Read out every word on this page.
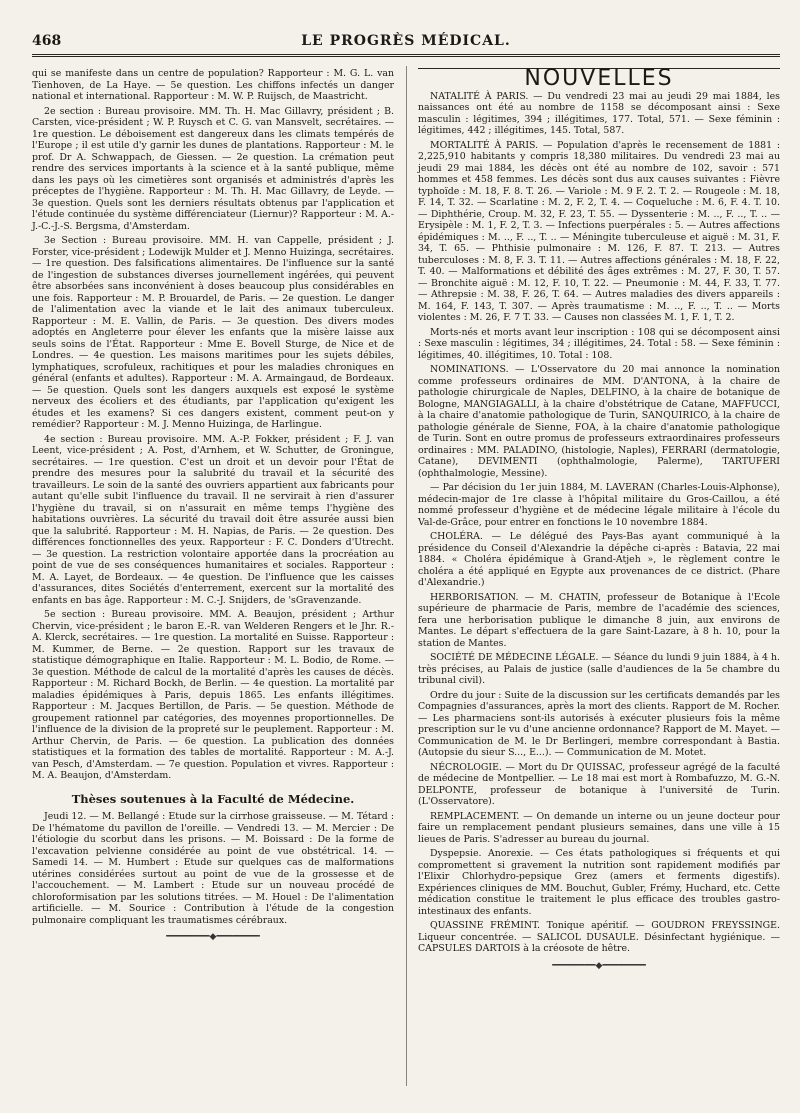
468	LE PROGRÈS MÉDICAL.

qui se manifeste dans un centre de population? Rapporteur : M. G. L. van Tienhoven, de La Haye. — 5e question. Les chiffons infectés un danger national et international. Rapporteur : M. W. P. Ruijsch, de Maastricht.

2e section : Bureau provisoire. MM. Th. H. Mac Gillavry, président ; B. Carsten, vice-président ; W. P. Ruysch et C. G. van Mansvelt, secrétaires. — 1re question. Le déboisement est dangereux dans les climats tempérés de l'Europe ; il est utile d'y garnir les dunes de plantations. Rapporteur : M. le prof. Dr A. Schwappach, de Giessen. — 2e question. La crémation peut rendre des services importants à la science et à la santé publique, même dans les pays où les cimetières sont organisés et administrés d'après les préceptes de l'hygiène. Rapporteur : M. Th. H. Mac Gillavry, de Leyde. — 3e question. Quels sont les derniers résultats obtenus par l'application et l'étude continuée du système différenciateur (Liernur)? Rapporteur : M. A.-J.-C.-J.-S. Bergsma, d'Amsterdam.

3e Section : Bureau provisoire. MM. H. van Cappelle, président ; J. Forster, vice-président ; Lodewijk Mulder et J. Menno Huizinga, secrétaires. — 1re question. Des falsifications alimentaires. De l'influence sur la santé de l'ingestion de substances diverses journellement ingérées, qui peuvent être absorbées sans inconvénient à doses beaucoup plus considérables en une fois. Rapporteur : M. P. Brouardel, de Paris. — 2e question. Le danger de l'alimentation avec la viande et le lait des animaux tuberculeux. Rapporteur : M. E. Vallin, de Paris. — 3e question. Des divers modes adoptés en Angleterre pour élever les enfants que la misère laisse aux seuls soins de l'État. Rapporteur : Mme E. Bovell Sturge, de Nice et de Londres. — 4e question. Les maisons maritimes pour les sujets débiles, lymphatiques, scrofuleux, rachitiques et pour les maladies chroniques en général (enfants et adultes). Rapporteur : M. A. Armaingaud, de Bordeaux. — 5e question. Quels sont les dangers auxquels est exposé le système nerveux des écoliers et des étudiants, par l'application qu'exigent les études et les examens? Si ces dangers existent, comment peut-on y remédier? Rapporteur : M. J. Menno Huizinga, de Harlingue.

4e section : Bureau provisoire. MM. A.-P. Fokker, président ; F. J. van Leent, vice-président ; A. Post, d'Arnhem, et W. Schutter, de Groningue, secrétaires. — 1re question. C'est un droit et un devoir pour l'État de prendre des mesures pour la salubrité du travail et la sécurité des travailleurs. Le soin de la santé des ouvriers appartient aux fabricants pour autant qu'elle subit l'influence du travail. Il ne servirait à rien d'assurer l'hygiène du travail, si on n'assurait en même temps l'hygiène des habitations ouvrières. La sécurité du travail doit être assurée aussi bien que la salubrité. Rapporteur : M. H. Napias, de Paris. — 2e question. Des différences fonctionnelles des yeux. Rapporteur : F. C. Donders d'Utrecht. — 3e question. La restriction volontaire apportée dans la procréation au point de vue de ses conséquences humanitaires et sociales. Rapporteur : M. A. Layet, de Bordeaux. — 4e question. De l'influence que les caisses d'assurances, dites Sociétés d'enterrement, exercent sur la mortalité des enfants en bas âge. Rapporteur : M. C.-J. Snijders, de 'sGravenzande.

5e section : Bureau provisoire. MM. A. Beaujon, président ; Arthur Chervin, vice-président ; le baron E.-R. van Welderen Rengers et le Jhr. R.-A. Klerck, secrétaires. — 1re question. La mortalité en Suisse. Rapporteur : M. Kummer, de Berne. — 2e question. Rapport sur les travaux de statistique démographique en Italie. Rapporteur : M. L. Bodio, de Rome. — 3e question. Méthode de calcul de la mortalité d'après les causes de décès. Rapporteur : M. Richard Bockh, de Berlin. — 4e question. La mortalité par maladies épidémiques à Paris, depuis 1865. Les enfants illégitimes. Rapporteur : M. Jacques Bertillon, de Paris. — 5e question. Méthode de groupement rationnel par catégories, des moyennes proportionnelles. De l'influence de la division de la propreté sur le peuplement. Rapporteur : M. Arthur Chervin, de Paris. — 6e question. La publication des données statistiques et la formation des tables de mortalité. Rapporteur : M. A.-J. van Pesch, d'Amsterdam. — 7e question. Population et vivres. Rapporteur : M. A. Beaujon, d'Amsterdam.

Thèses soutenues à la Faculté de Médecine.

Jeudi 12. — M. Bellangé : Etude sur la cirrhose graisseuse. — M. Tétard : De l'hématome du pavillon de l'oreille. — Vendredi 13. — M. Mercier : De l'étiologie du scorbut dans les prisons. — M. Boissard : De la forme de l'excavation pelvienne considérée au point de vue obstétrical. 14. — Samedi 14. — M. Humbert : Etude sur quelques cas de malformations utérines considérées surtout au point de vue de la grossesse et de l'accouchement. — M. Lambert : Etude sur un nouveau procédé de chloroformisation par les solutions titrées. — M. Houel : De l'alimentation artificielle. — M. Sourice : Contribution à l'étude de la congestion pulmonaire compliquant les traumatismes cérébraux.

━━━━━━━━◆━━━━━━━━
NOUVELLES

NATALITÉ À PARIS. — Du vendredi 23 mai au jeudi 29 mai 1884, les naissances ont été au nombre de 1158 se décomposant ainsi : Sexe masculin : légitimes, 394 ; illégitimes, 177. Total, 571. — Sexe féminin : légitimes, 442 ; illégitimes, 145. Total, 587.

MORTALITÉ À PARIS. — Population d'après le recensement de 1881 : 2,225,910 habitants y compris 18,380 militaires. Du vendredi 23 mai au jeudi 29 mai 1884, les décès ont été au nombre de 102, savoir : 571 hommes et 458 femmes. Les décès sont dus aux causes suivantes : Fièvre typhoïde : M. 18, F. 8. T. 26. — Variole : M. 9 F. 2. T. 2. — Rougeole : M. 18, F. 14, T. 32. — Scarlatine : M. 2, F. 2, T. 4. — Coqueluche : M. 6, F. 4. T. 10. — Diphthérie, Croup. M. 32, F. 23, T. 55. — Dyssenterie : M. .., F. .., T. .. — Erysipèle : M. 1, F. 2, T. 3. — Infections puerpérales : 5. — Autres affections épidémiques : M. .., F. .., T. .. — Méningite tuberculeuse et aiguë : M. 31, F. 34, T. 65. — Phthisie pulmonaire : M. 126, F. 87. T. 213. — Autres tuberculoses : M. 8, F. 3. T. 11. — Autres affections générales : M. 18, F. 22, T. 40. — Malformations et débilité des âges extrêmes : M. 27, F. 30, T. 57. — Bronchite aiguë : M. 12, F. 10, T. 22. — Pneumonie : M. 44, F. 33, T. 77. — Athrepsie : M. 38, F. 26, T. 64. — Autres maladies des divers appareils : M. 164, F. 143, T. 307. — Après traumatisme : M. .., F. .., T. .. — Morts violentes : M. 26, F. 7 T. 33. — Causes non classées M. 1, F. 1, T. 2.

Morts-nés et morts avant leur inscription : 108 qui se décomposent ainsi : Sexe masculin : légitimes, 34 ; illégitimes, 24. Total : 58. — Sexe féminin : légitimes, 40. illégitimes, 10. Total : 108.

NOMINATIONS. — L'Osservatore du 20 mai annonce la nomination comme professeurs ordinaires de MM. D'ANTONA, à la chaire de pathologie chirurgicale de Naples, DELFINO, à la chaire de botanique de Bologne, MANGIAGALLI, à la chaire d'obstétrique de Catane, MAFFUCCI, à la chaire d'anatomie pathologique de Turin, SANQUIRICO, à la chaire de pathologie générale de Sienne, FOA, à la chaire d'anatomie pathologique de Turin. Sont en outre promus de professeurs extraordinaires professeurs ordinaires : MM. PALADINO, (histologie, Naples), FERRARI (dermatologie, Catane), DEVIMENTI (ophthalmologie, Palerme), TARTUFERI (ophthalmologie, Messine).

— Par décision du 1er juin 1884, M. LAVERAN (Charles-Louis-Alphonse), médecin-major de 1re classe à l'hôpital militaire du Gros-Caillou, a été nommé professeur d'hygiène et de médecine légale militaire à l'école du Val-de-Grâce, pour entrer en fonctions le 10 novembre 1884.

CHOLÉRA. — Le délégué des Pays-Bas ayant communiqué à la présidence du Conseil d'Alexandrie la dépêche ci-après : Batavia, 22 mai 1884. « Choléra épidémique à Grand-Atjeh », le règlement contre le choléra a été appliqué en Egypte aux provenances de ce district. (Phare d'Alexandrie.)

HERBORISATION. — M. CHATIN, professeur de Botanique à l'Ecole supérieure de pharmacie de Paris, membre de l'académie des sciences, fera une herborisation publique le dimanche 8 juin, aux environs de Mantes. Le départ s'effectuera de la gare Saint-Lazare, à 8 h. 10, pour la station de Mantes.

SOCIÉTÉ DE MÉDECINE LÉGALE. — Séance du lundi 9 juin 1884, à 4 h. très précises, au Palais de justice (salle d'audiences de la 5e chambre du tribunal civil).

Ordre du jour : Suite de la discussion sur les certificats demandés par les Compagnies d'assurances, après la mort des clients. Rapport de M. Rocher. — Les pharmaciens sont-ils autorisés à exécuter plusieurs fois la même prescription sur le vu d'une ancienne ordonnance? Rapport de M. Mayet. — Communication de M. le Dr Berlingeri, membre correspondant à Bastia. (Autopsie du sieur S..., E...). — Communication de M. Motet.

NÉCROLOGIE. — Mort du Dr QUISSAC, professeur agrégé de la faculté de médecine de Montpellier. — Le 18 mai est mort à Rombafuzzo, M. G.-N. DELPONTE, professeur de botanique à l'université de Turin. (L'Osservatore).

REMPLACEMENT. — On demande un interne ou un jeune docteur pour faire un remplacement pendant plusieurs semaines, dans une ville à 15 lieues de Paris. S'adresser au bureau du journal.

Dyspepsie. Anorexie. — Ces états pathologiques si fréquents et qui compromettent si gravement la nutrition sont rapidement modifiés par l'Elixir Chlorhydro-pepsique Grez (amers et ferments digestifs). Expériences cliniques de MM. Bouchut, Gubler, Frémy, Huchard, etc. Cette médication constitue le traitement le plus efficace des troubles gastro-intestinaux des enfants.

QUASSINE FRÉMINT. Tonique apéritif. — GOUDRON FREYSSINGE. Liqueur concentrée. — SALICOL DUSAULE. Désinfectant hygiénique. — CAPSULES DARTOIS à la créosote de hêtre.

━━━━━━━━◆━━━━━━━━
